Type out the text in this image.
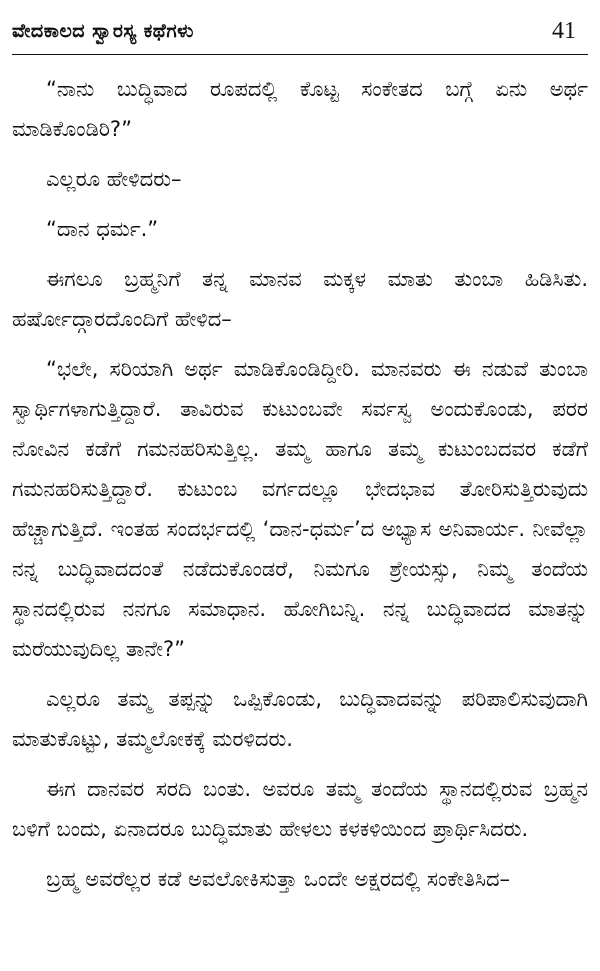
ವೇದಕಾಲದ ಸ್ವಾರಸ್ಯ ಕಥೆಗಳು	41

“ನಾನು ಬುದ್ಧಿವಾದ ರೂಪದಲ್ಲಿ ಕೊಟ್ಟ ಸಂಕೇತದ ಬಗ್ಗೆ ಏನು ಅರ್ಥ ಮಾಡಿಕೊಂಡಿರಿ?”

ಎಲ್ಲರೂ ಹೇಳಿದರು–

“ದಾನ ಧರ್ಮ.”

ಈಗಲೂ ಬ್ರಹ್ಮನಿಗೆ ತನ್ನ ಮಾನವ ಮಕ್ಕಳ ಮಾತು ತುಂಬಾ ಹಿಡಿಸಿತು. ಹರ್ಷೋದ್ಗಾರದೊಂದಿಗೆ ಹೇಳಿದ–

“ಭಲೇ, ಸರಿಯಾಗಿ ಅರ್ಥ ಮಾಡಿಕೊಂಡಿದ್ದೀರಿ. ಮಾನವರು ಈ ನಡುವೆ ತುಂಬಾ ಸ್ವಾರ್ಥಿಗಳಾಗುತ್ತಿದ್ದಾರೆ. ತಾವಿರುವ ಕುಟುಂಬವೇ ಸರ್ವಸ್ವ ಅಂದುಕೊಂಡು, ಪರರ ನೋವಿನ ಕಡೆಗೆ ಗಮನಹರಿಸುತ್ತಿಲ್ಲ. ತಮ್ಮ ಹಾಗೂ ತಮ್ಮ ಕುಟುಂಬದವರ ಕಡೆಗೆ ಗಮನಹರಿಸುತ್ತಿದ್ದಾರೆ. ಕುಟುಂಬ ವರ್ಗದಲ್ಲೂ ಭೇದಭಾವ ತೋರಿಸುತ್ತಿರುವುದು ಹೆಚ್ಚಾಗುತ್ತಿದೆ. ಇಂತಹ ಸಂದರ್ಭದಲ್ಲಿ ‘ದಾನ-ಧರ್ಮ’ದ ಅಭ್ಯಾಸ ಅನಿವಾರ್ಯ. ನೀವೆಲ್ಲಾ ನನ್ನ ಬುದ್ಧಿವಾದದಂತೆ ನಡೆದುಕೊಂಡರೆ, ನಿಮಗೂ ಶ್ರೇಯಸ್ಸು, ನಿಮ್ಮ ತಂದೆಯ ಸ್ಥಾನದಲ್ಲಿರುವ ನನಗೂ ಸಮಾಧಾನ. ಹೋಗಿಬನ್ನಿ. ನನ್ನ ಬುದ್ಧಿವಾದದ ಮಾತನ್ನು ಮರೆಯುವುದಿಲ್ಲ ತಾನೇ?”

ಎಲ್ಲರೂ ತಮ್ಮ ತಪ್ಪನ್ನು ಒಪ್ಪಿಕೊಂಡು, ಬುದ್ಧಿವಾದವನ್ನು ಪರಿಪಾಲಿಸುವುದಾಗಿ ಮಾತುಕೊಟ್ಟು, ತಮ್ಮಲೋಕಕ್ಕೆ ಮರಳಿದರು.

ಈಗ ದಾನವರ ಸರದಿ ಬಂತು. ಅವರೂ ತಮ್ಮ ತಂದೆಯ ಸ್ಥಾನದಲ್ಲಿರುವ ಬ್ರಹ್ಮನ ಬಳಿಗೆ ಬಂದು, ಏನಾದರೂ ಬುದ್ಧಿಮಾತು ಹೇಳಲು ಕಳಕಳಿಯಿಂದ ಪ್ರಾರ್ಥಿಸಿದರು.

ಬ್ರಹ್ಮ ಅವರೆಲ್ಲರ ಕಡೆ ಅವಲೋಕಿಸುತ್ತಾ ಒಂದೇ ಅಕ್ಷರದಲ್ಲಿ ಸಂಕೇತಿಸಿದ–
